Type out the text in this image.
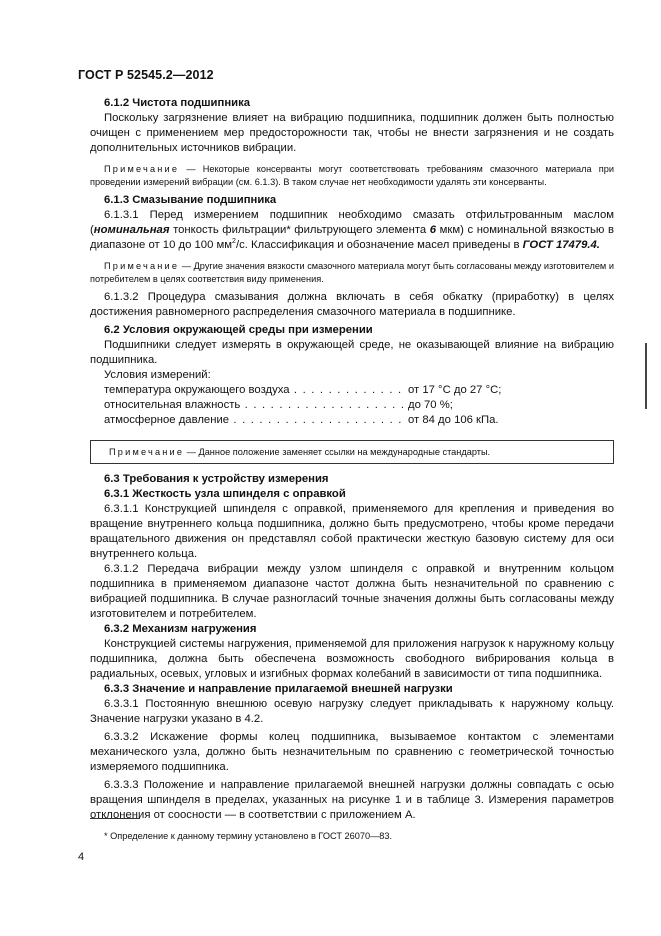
ГОСТ Р 52545.2—2012

6.1.2 Чистота подшипника

Поскольку загрязнение влияет на вибрацию подшипника, подшипник должен быть полностью очищен с применением мер предосторожности так, чтобы не внести загрязнения и не создать дополнительных источников вибрации.

Примечание — Некоторые консерванты могут соответствовать требованиям смазочного материала при проведении измерений вибрации (см. 6.1.3). В таком случае нет необходимости удалять эти консерванты.

6.1.3 Смазывание подшипника

6.1.3.1 Перед измерением подшипник необходимо смазать отфильтрованным маслом (номинальная тонкость фильтрации* фильтрующего элемента 6 мкм) с номинальной вязкостью в диапазоне от 10 до 100 $мм^2/с$. Классификация и обозначение масел приведены в ГОСТ 17479.4.

Примечание — Другие значения вязкости смазочного материала могут быть согласованы между изготовителем и потребителем в целях соответствия виду применения.

6.1.3.2 Процедура смазывания должна включать в себя обкатку (приработку) в целях достижения равномерного распределения смазочного материала в подшипнике.

6.2 Условия окружающей среды при измерении

Подшипники следует измерять в окружающей среде, не оказывающей влияние на вибрацию подшипника.

Условия измерений:

температура окружающего воздуха . . .	от 17 °С до 27 °С;
относительная влажность . . .	до 70 %;
атмосферное давление . . .	от 84 до 106 кПа.
Примечание — Данное положение заменяет ссылки на международные стандарты.

6.3 Требования к устройству измерения

6.3.1 Жесткость узла шпинделя с оправкой

6.3.1.1 Конструкцией шпинделя с оправкой, применяемого для крепления и приведения во вращение внутреннего кольца подшипника, должно быть предусмотрено, чтобы кроме передачи вращательного движения он представлял собой практически жесткую базовую систему для оси внутреннего кольца.

6.3.1.2 Передача вибрации между узлом шпинделя с оправкой и внутренним кольцом подшипника в применяемом диапазоне частот должна быть незначительной по сравнению с вибрацией подшипника. В случае разногласий точные значения должны быть согласованы между изготовителем и потребителем.

6.3.2 Механизм нагружения

Конструкцией системы нагружения, применяемой для приложения нагрузок к наружному кольцу подшипника, должна быть обеспечена возможность свободного вибрирования кольца в радиальных, осевых, угловых и изгибных формах колебаний в зависимости от типа подшипника.

6.3.3 Значение и направление прилагаемой внешней нагрузки

6.3.3.1 Постоянную внешнюю осевую нагрузку следует прикладывать к наружному кольцу. Значение нагрузки указано в 4.2.

6.3.3.2 Искажение формы колец подшипника, вызываемое контактом с элементами механического узла, должно быть незначительным по сравнению с геометрической точностью измеряемого подшипника.

6.3.3.3 Положение и направление прилагаемой внешней нагрузки должны совпадать с осью вращения шпинделя в пределах, указанных на рисунке 1 и в таблице 3. Измерения параметров отклонения от соосности — в соответствии с приложением А.

* Определение к данному термину установлено в ГОСТ 26070—83.
4
